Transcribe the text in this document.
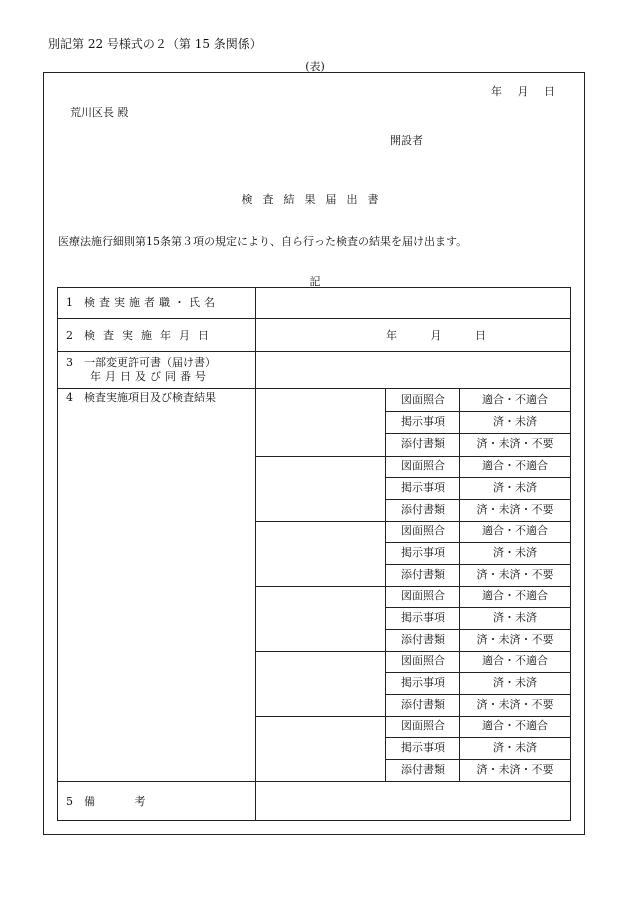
別記第 22 号様式の２（第 15 条関係）
(表)
年 月 日
荒川区長 殿
開設者
検査結果届出書
医療法施行細則第15条第３項の規定により、自ら行った検査の結果を届け出ます。
記
1 検査実施者職・氏名
2 検査実施年月日	年 月 日
3 一部変更許可書（届け書）
年月日及び同番号
4 検査実施項目及び検査結果	図面照合	適合・不適合
掲示事項	済・未済
添付書類	済・未済・不要
図面照合	適合・不適合
掲示事項	済・未済
添付書類	済・未済・不要
図面照合	適合・不適合
掲示事項	済・未済
添付書類	済・未済・不要
図面照合	適合・不適合
掲示事項	済・未済
添付書類	済・未済・不要
図面照合	適合・不適合
掲示事項	済・未済
添付書類	済・未済・不要
図面照合	適合・不適合
掲示事項	済・未済
添付書類	済・未済・不要
5 備 考
